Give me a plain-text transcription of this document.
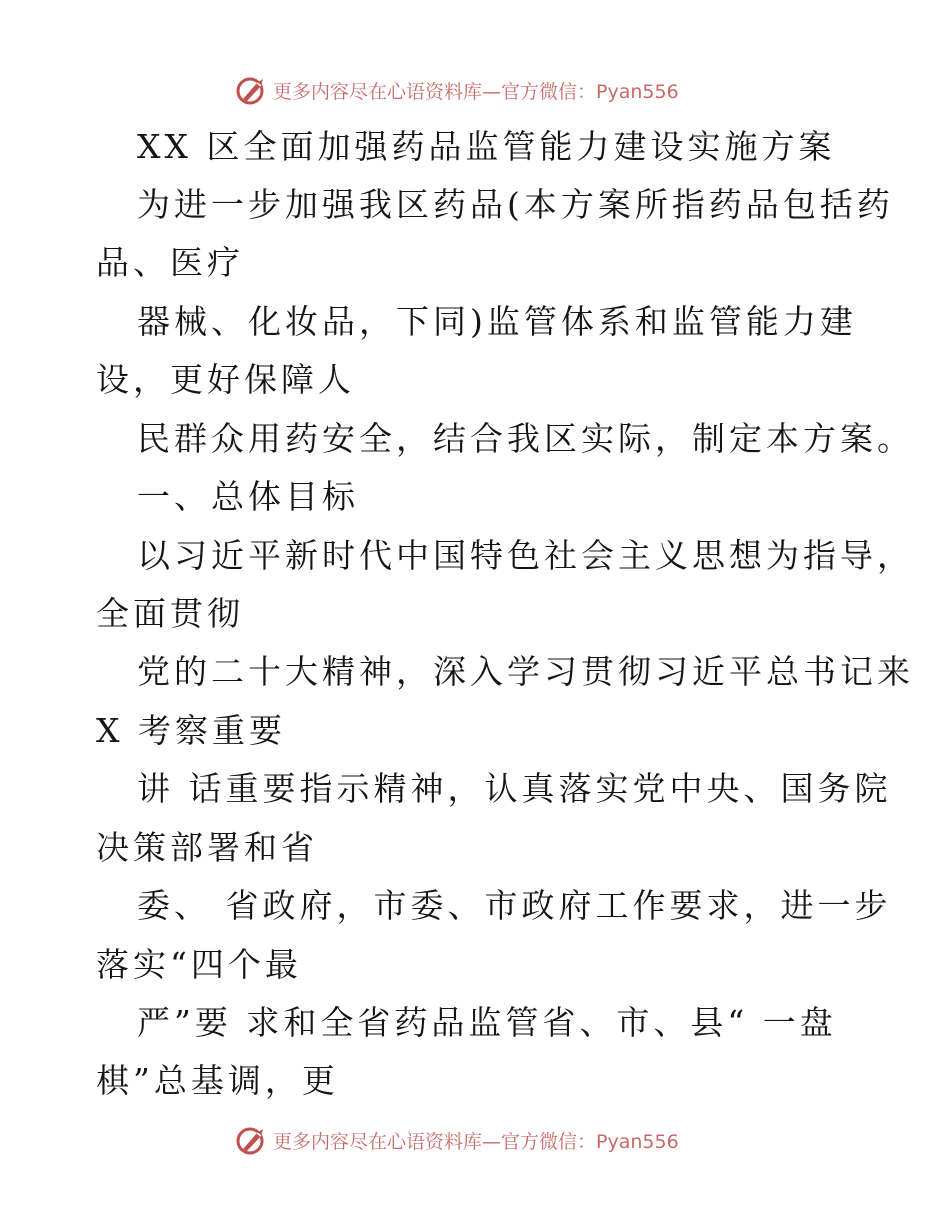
更多内容尽在心语资料库—官方微信：Pyan556
XX 区全面加强药品监管能力建设实施方案
为进一步加强我区药品(本方案所指药品包括药
品、医疗
器械、化妆品，下同)监管体系和监管能力建
设，更好保障人
民群众用药安全，结合我区实际，制定本方案。
一、总体目标
以习近平新时代中国特色社会主义思想为指导，
全面贯彻
党的二十大精神，深入学习贯彻习近平总书记来
X 考察重要
讲 话重要指示精神，认真落实党中央、国务院
决策部署和省
委、 省政府，市委、市政府工作要求，进一步
落实“四个最
严”要 求和全省药品监管省、市、县“ 一盘
棋”总基调，更
更多内容尽在心语资料库—官方微信：Pyan556
